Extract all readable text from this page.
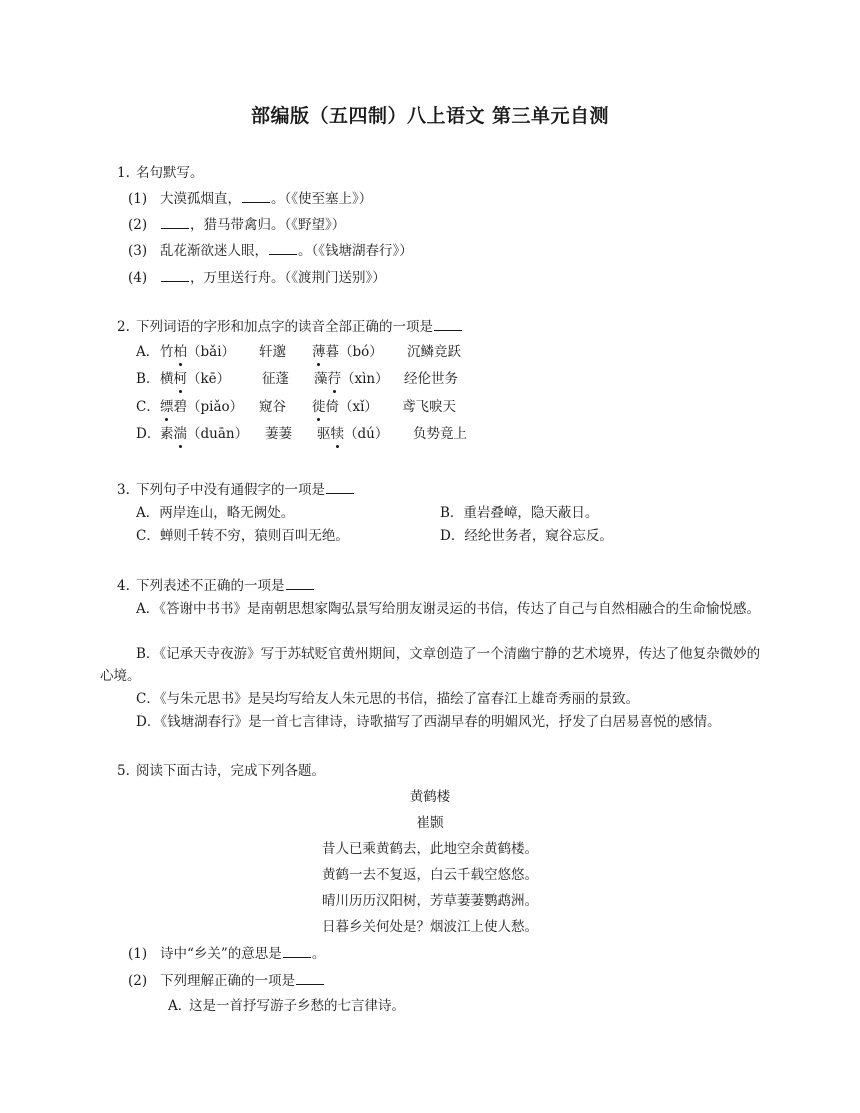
部编版（五四制）八上语文 第三单元自测
1. 名句默写。
(1) 大漠孤烟直， 。（《使至塞上》）
(2)	，猎马带禽归。（《野望》）
(3) 乱花渐欲迷人眼， 。（《钱塘湖春行》）
(4)	，万里送行舟。（《渡荆门送别》）
2. 下列词语的字形和加点字的读音全部正确的一项是
A． 竹柏（bǎi） 轩邈 薄暮（bó） 沉鳞竞跃
B． 横柯（kē） 征蓬 藻荇（xìn） 经伦世务
C． 缥碧（piǎo） 窥谷 徙倚（xǐ） 鸢飞唳天
D． 素湍（duān） 萋萋 驱犊（dú） 负势竟上
3. 下列句子中没有通假字的一项是
A．两岸连山，略无阙处。	B．重岩叠嶂，隐天蔽日。
C．蝉则千转不穷，猿则百叫无绝。	D．经纶世务者，窥谷忘反。
4. 下列表述不正确的一项是
A．《答谢中书书》是南朝思想家陶弘景写给朋友谢灵运的书信，传达了自己与自然相融合的生命愉悦感。
B．《记承天寺夜游》写于苏轼贬官黄州期间，文章创造了一个清幽宁静的艺术境界，传达了他复杂微妙的心境。
C．《与朱元思书》是吴均写给友人朱元思的书信，描绘了富春江上雄奇秀丽的景致。
D．《钱塘湖春行》是一首七言律诗，诗歌描写了西湖早春的明媚风光，抒发了白居易喜悦的感情。
5. 阅读下面古诗，完成下列各题。
黄鹤楼
崔颢
昔人已乘黄鹤去，此地空余黄鹤楼。
黄鹤一去不复返，白云千载空悠悠。
晴川历历汉阳树，芳草萋萋鹦鹉洲。
日暮乡关何处是？烟波江上使人愁。
(1) 诗中“乡关”的意思是 。
(2) 下列理解正确的一项是
A．
这是一首抒写游子乡愁的七言律诗。
